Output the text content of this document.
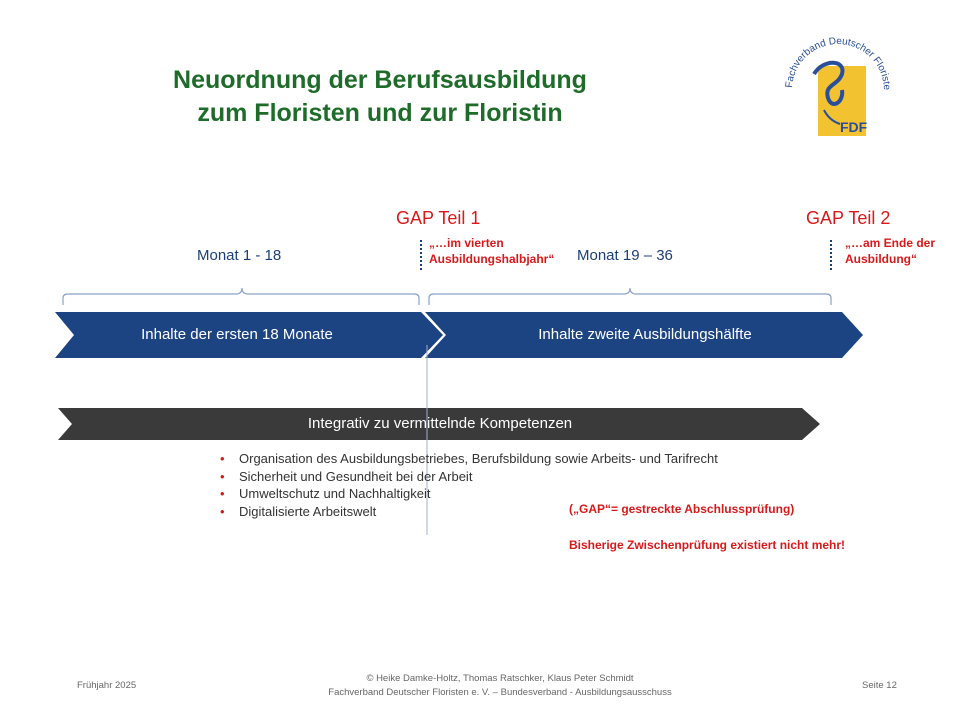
Neuordnung der Berufsausbildung
zum Floristen und zur Floristin
Fachverband Deutscher Floriste
FDF
GAP Teil 1
„…im vierten
Ausbildungshalbjahr“
GAP Teil 2
„…am Ende der
Ausbildung“
Monat 1 - 18	Monat 19 – 36
Inhalte der ersten 18 Monate	Inhalte zweite Ausbildungshälfte
Integrativ zu vermittelnde Kompetenzen
• Organisation des Ausbildungsbetriebes, Berufsbildung sowie Arbeits- und Tarifrecht
• Sicherheit und Gesundheit bei der Arbeit
• Umweltschutz und Nachhaltigkeit
• Digitalisierte Arbeitswelt	(„GAP“= gestreckte Abschlussprüfung)
Bisherige Zwischenprüfung existiert nicht mehr!
Frühjahr 2025
© Heike Damke-Holtz, Thomas Ratschker, Klaus Peter Schmidt
Fachverband Deutscher Floristen e. V. – Bundesverband - Ausbildungsausschuss
Seite 12
